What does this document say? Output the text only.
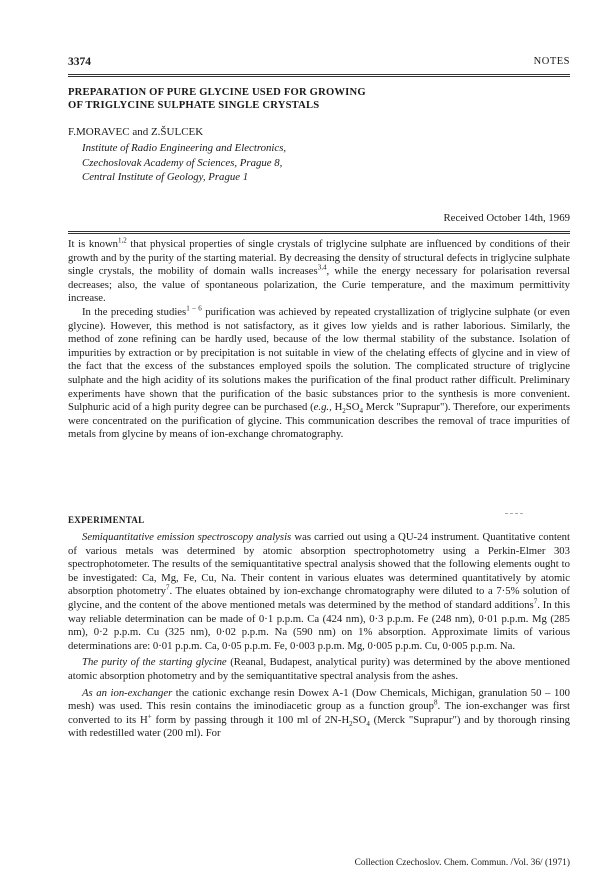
3374	NOTES
PREPARATION OF PURE GLYCINE USED FOR GROWING
OF TRIGLYCINE SULPHATE SINGLE CRYSTALS
F.MORAVEC and Z.ŠULCEK
Institute of Radio Engineering and Electronics,
Czechoslovak Academy of Sciences, Prague 8,
Central Institute of Geology, Prague 1
Received October 14th, 1969

It is known$^{1,2}$ that physical properties of single crystals of triglycine sulphate are influenced by conditions of their growth and by the purity of the starting material. By decreasing the density of structural defects in triglycine sulphate single crystals, the mobility of domain walls increases$^{3,4}$, while the energy necessary for polarisation reversal decreases; also, the value of spontaneous polarization, the Curie temperature, and the maximum permittivity increase.

In the preceding studies$^{1 - 6}$ purification was achieved by repeated crystallization of triglycine sulphate (or even glycine). However, this method is not satisfactory, as it gives low yields and is rather laborious. Similarly, the method of zone refining can be hardly used, because of the low thermal stability of the substance. Isolation of impurities by extraction or by precipitation is not suitable in view of the chelating effects of glycine and in view of the fact that the excess of the substances employed spoils the solution. The complicated structure of triglycine sulphate and the high acidity of its solutions makes the purification of the final product rather difficult. Preliminary experiments have shown that the purification of the basic substances prior to the synthesis is more convenient. Sulphuric acid of a high purity degree can be purchased (e.g., $H_2SO_4$ Merck "Suprapur"). Therefore, our experiments were concentrated on the purification of glycine. This communication describes the removal of trace impurities of metals from glycine by means of ion-exchange chromatography.

EXPERIMENTAL

Semiquantitative emission spectroscopy analysis was carried out using a QU-24 instrument. Quantitative content of various metals was determined by atomic absorption spectrophotometry using a Perkin-Elmer 303 spectrophotometer. The results of the semiquantitative spectral analysis showed that the following elements ought to be investigated: Ca, Mg, Fe, Cu, Na. Their content in various eluates was determined quantitatively by atomic absorption photometry$^7$. The eluates obtained by ion-exchange chromatography were diluted to a 7·5% solution of glycine, and the content of the above mentioned metals was determined by the method of standard additions$^7$. In this way reliable determination can be made of 0·1 p.p.m. Ca (424 nm), 0·3 p.p.m. Fe (248 nm), 0·01 p.p.m. Mg (285 nm), 0·2 p.p.m. Cu (325 nm), 0·02 p.p.m. Na (590 nm) on 1% absorption. Approximate limits of various determinations are: 0·01 p.p.m. Ca, 0·05 p.p.m. Fe, 0·003 p.p.m. Mg, 0·005 p.p.m. Cu, 0·005 p.p.m. Na.

The purity of the starting glycine (Reanal, Budapest, analytical purity) was determined by the above mentioned atomic absorption photometry and by the semiquantitative spectral analysis from the ashes.

As an ion-exchanger the cationic exchange resin Dowex A-1 (Dow Chemicals, Michigan, granulation 50 – 100 mesh) was used. This resin contains the iminodiacetic group as a function group$^8$. The ion-exchanger was first converted to its H+ form by passing through it 100 ml of $2N-H_2SO_4$ (Merck "Suprapur") and by thorough rinsing with redestilled water (200 ml). For

Collection Czechoslov. Chem. Commun. /Vol. 36/ (1971)
